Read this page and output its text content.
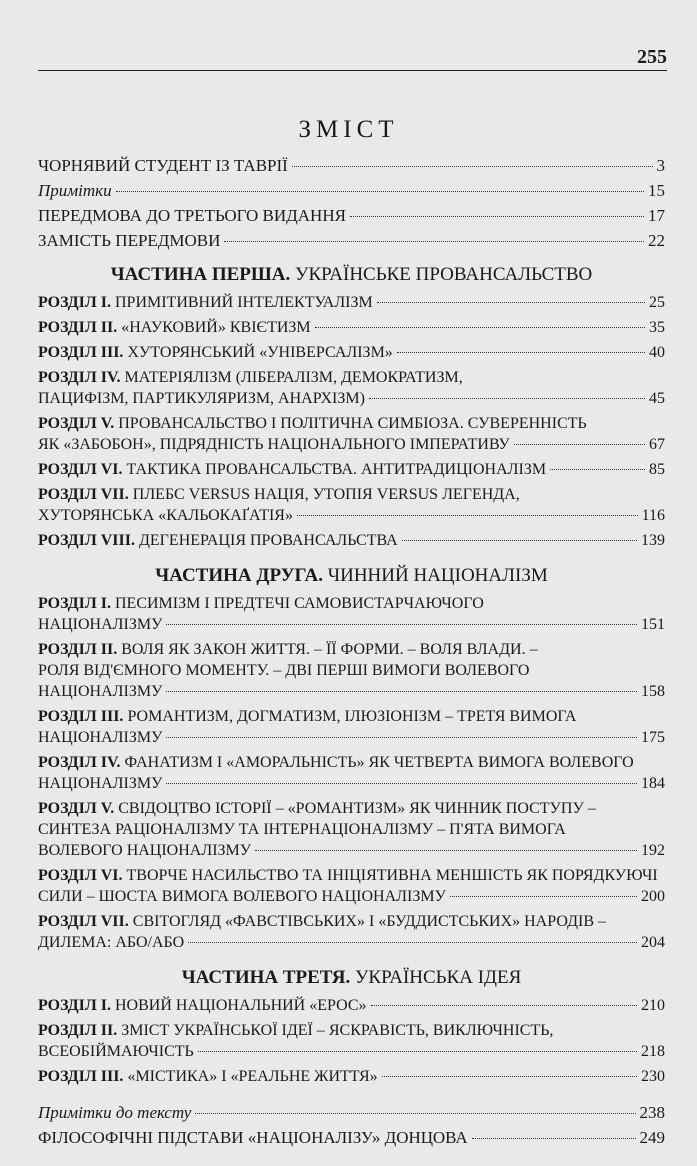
255
ЗМІСТ
ЧОРНЯВИЙ СТУДЕНТ ІЗ ТАВРІЇ	3
Примітки	15
ПЕРЕДМОВА ДО ТРЕТЬОГО ВИДАННЯ	17
ЗАМІСТЬ ПЕРЕДМОВИ	22
ЧАСТИНА ПЕРША. УКРАЇНСЬКЕ ПРОВАНСАЛЬСТВО
РОЗДІЛ І. ПРИМІТИВНИЙ ІНТЕЛЕКТУАЛІЗМ	25
РОЗДІЛ ІІ. «НАУКОВИЙ» КВІЄТИЗМ	35
РОЗДІЛ ІІІ. ХУТОРЯНСЬКИЙ «УНІВЕРСАЛІЗМ»	40
РОЗДІЛ IV. МАТЕРІЯЛІЗМ (ЛІБЕРАЛІЗМ, ДЕМОКРАТИЗМ,
ПАЦИФІЗМ, ПАРТИКУЛЯРИЗМ, АНАРХІЗМ)	45
РОЗДІЛ V. ПРОВАНСАЛЬСТВО І ПОЛІТИЧНА СИМБІОЗА. СУВЕРЕННІСТЬ
ЯК «ЗАБОБОН», ПІДРЯДНІСТЬ НАЦІОНАЛЬНОГО ІМПЕРАТИВУ	67
РОЗДІЛ VI. ТАКТИКА ПРОВАНСАЛЬСТВА. АНТИТРАДИЦІОНАЛІЗМ	85
РОЗДІЛ VII. ПЛЕБС VERSUS НАЦІЯ, УТОПІЯ VERSUS ЛЕГЕНДА,
ХУТОРЯНСЬКА «КАЛЬОКАҐАТІЯ»	116
РОЗДІЛ VIII. ДЕГЕНЕРАЦІЯ ПРОВАНСАЛЬСТВА	139
ЧАСТИНА ДРУГА. ЧИННИЙ НАЦІОНАЛІЗМ
РОЗДІЛ І. ПЕСИМІЗМ І ПРЕДТЕЧІ САМОВИСТАРЧАЮЧОГО
НАЦІОНАЛІЗМУ	151
РОЗДІЛ ІІ. ВОЛЯ ЯК ЗАКОН ЖИТТЯ. – ЇЇ ФОРМИ. – ВОЛЯ ВЛАДИ. –
РОЛЯ ВІД'ЄМНОГО МОМЕНТУ. – ДВІ ПЕРШІ ВИМОГИ ВОЛЕВОГО
НАЦІОНАЛІЗМУ	158
РОЗДІЛ ІІІ. РОМАНТИЗМ, ДОГМАТИЗМ, ІЛЮЗІОНІЗМ – ТРЕТЯ ВИМОГА
НАЦІОНАЛІЗМУ	175
РОЗДІЛ IV. ФАНАТИЗМ І «АМОРАЛЬНІСТЬ» ЯК ЧЕТВЕРТА ВИМОГА ВОЛЕВОГО
НАЦІОНАЛІЗМУ	184
РОЗДІЛ V. СВІДОЦТВО ІСТОРІЇ – «РОМАНТИЗМ» ЯК ЧИННИК ПОСТУПУ –
СИНТЕЗА РАЦІОНАЛІЗМУ ТА ІНТЕРНАЦІОНАЛІЗМУ – П'ЯТА ВИМОГА
ВОЛЕВОГО НАЦІОНАЛІЗМУ	192
РОЗДІЛ VI. ТВОРЧЕ НАСИЛЬСТВО ТА ІНІЦІЯТИВНА МЕНШІСТЬ ЯК ПОРЯДКУЮЧІ
СИЛИ – ШОСТА ВИМОГА ВОЛЕВОГО НАЦІОНАЛІЗМУ	200
РОЗДІЛ VII. СВІТОГЛЯД «ФАВСТІВСЬКИХ» І «БУДДИСТСЬКИХ» НАРОДІВ –
ДИЛЕМА: АБО/АБО	204
ЧАСТИНА ТРЕТЯ. УКРАЇНСЬКА ІДЕЯ
РОЗДІЛ І. НОВИЙ НАЦІОНАЛЬНИЙ «ЕРОС»	210
РОЗДІЛ ІІ. ЗМІСТ УКРАЇНСЬКОЇ ІДЕЇ – ЯСКРАВІСТЬ, ВИКЛЮЧНІСТЬ,
ВСЕОБІЙМАЮЧІСТЬ	218
РОЗДІЛ ІІІ. «МІСТИКА» І «РЕАЛЬНЕ ЖИТТЯ»	230
Примітки до тексту	238
ФІЛОСОФІЧНІ ПІДСТАВИ «НАЦІОНАЛІЗУ» ДОНЦОВА	249
